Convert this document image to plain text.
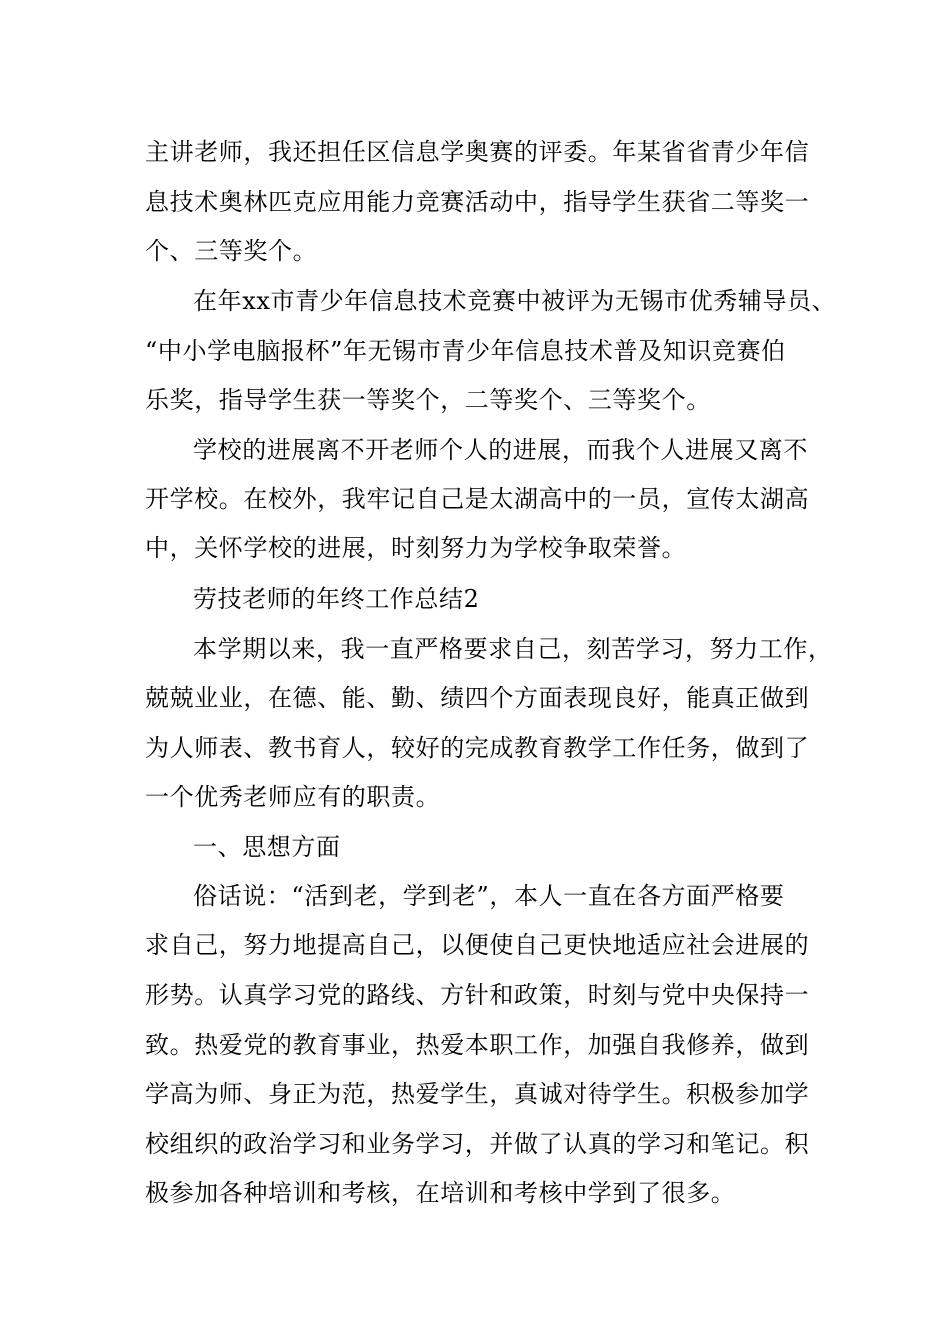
主讲老师，我还担任区信息学奥赛的评委。年某省省青少年信
息技术奥林匹克应用能力竞赛活动中，指导学生获省二等奖一
个、三等奖个。
在年xx市青少年信息技术竞赛中被评为无锡市优秀辅导员、
“中小学电脑报杯”年无锡市青少年信息技术普及知识竞赛伯
乐奖，指导学生获一等奖个，二等奖个、三等奖个。
学校的进展离不开老师个人的进展，而我个人进展又离不
开学校。在校外，我牢记自己是太湖高中的一员，宣传太湖高
中，关怀学校的进展，时刻努力为学校争取荣誉。
劳技老师的年终工作总结2
本学期以来，我一直严格要求自己，刻苦学习，努力工作，
兢兢业业，在德、能、勤、绩四个方面表现良好，能真正做到
为人师表、教书育人，较好的完成教育教学工作任务，做到了
一个优秀老师应有的职责。
一、思想方面
俗话说：“活到老，学到老”，本人一直在各方面严格要
求自己，努力地提高自己，以便使自己更快地适应社会进展的
形势。认真学习党的路线、方针和政策，时刻与党中央保持一
致。热爱党的教育事业，热爱本职工作，加强自我修养，做到
学高为师、身正为范，热爱学生，真诚对待学生。积极参加学
校组织的政治学习和业务学习，并做了认真的学习和笔记。积
极参加各种培训和考核，在培训和考核中学到了很多。
